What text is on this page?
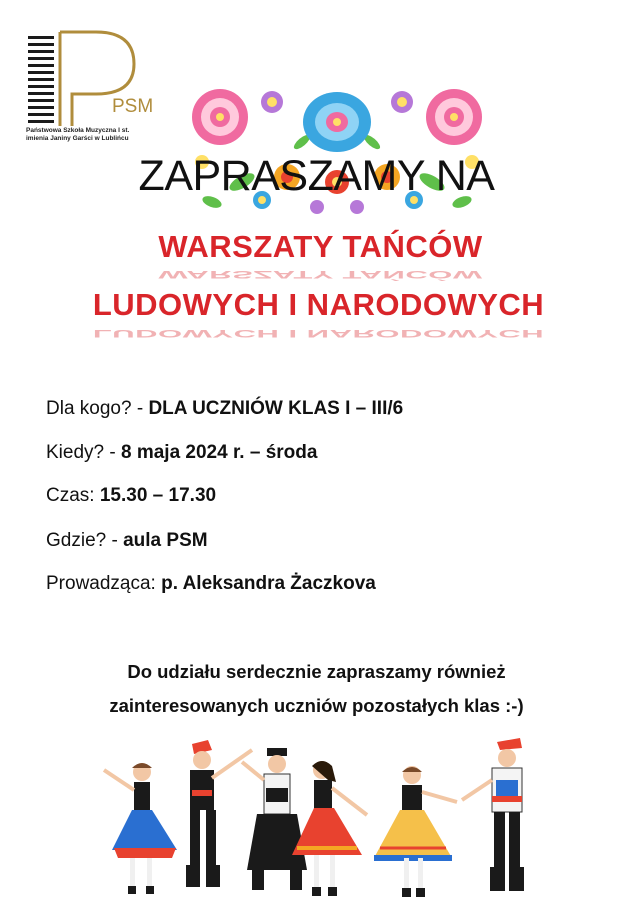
PSM
Państwowa Szkoła Muzyczna I st.
imienia Janiny Garści w Lublińcu
ZAPRASZAMY NA
WARSZATY TAŃCÓW
WARSZATY TAŃCÓW
LUDOWYCH I NARODOWYCH
LUDOWYCH I NARODOWYCH
Dla kogo? - DLA UCZNIÓW KLAS I – III/6
Kiedy? - 8 maja 2024 r. – środa
Czas: 15.30 – 17.30
Gdzie? - aula PSM
Prowadząca: p. Aleksandra Żaczkova
Do udziału serdecznie zapraszamy również
zainteresowanych uczniów pozostałych klas :-)
